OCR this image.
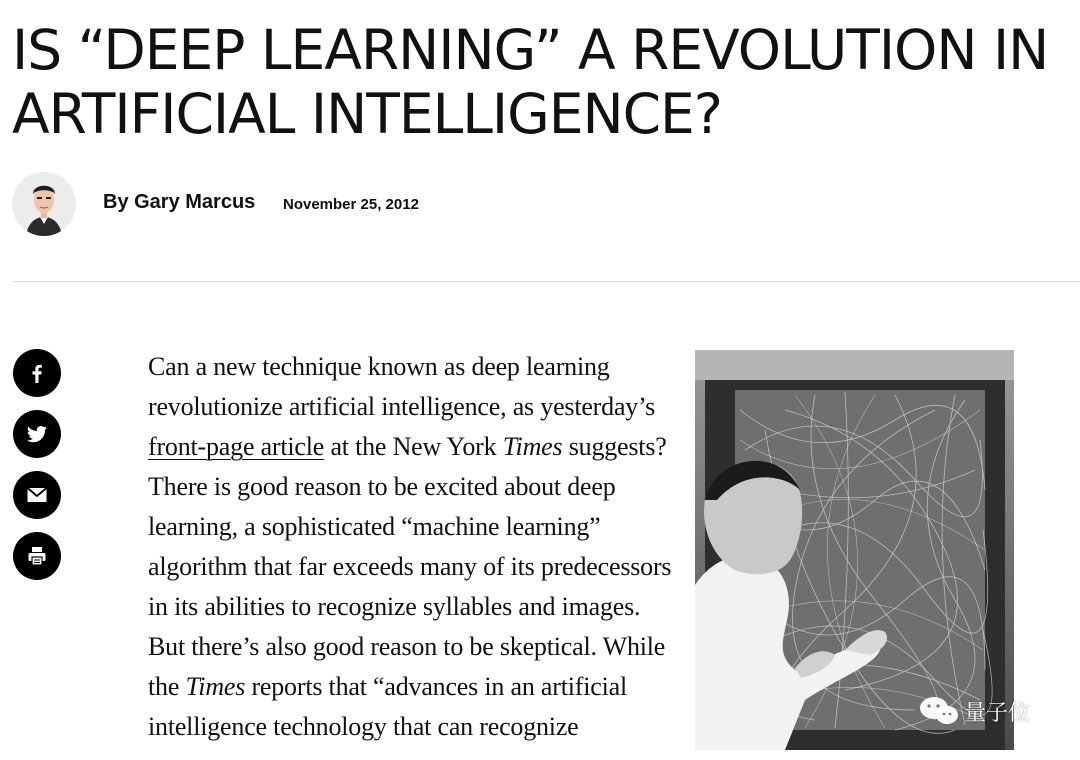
IS “DEEP LEARNING” A REVOLUTION IN ARTIFICIAL INTELLIGENCE?
By Gary Marcus November 25, 2012
Can a new technique known as deep learning revolutionize artificial intelligence, as yesterday’s front-page article at the New York Times suggests? There is good reason to be excited about deep learning, a sophisticated “machine learning” algorithm that far exceeds many of its predecessors in its abilities to recognize syllables and images. But there’s also good reason to be skeptical. While the Times reports that “advances in an artificial intelligence technology that can recognize	量子位
